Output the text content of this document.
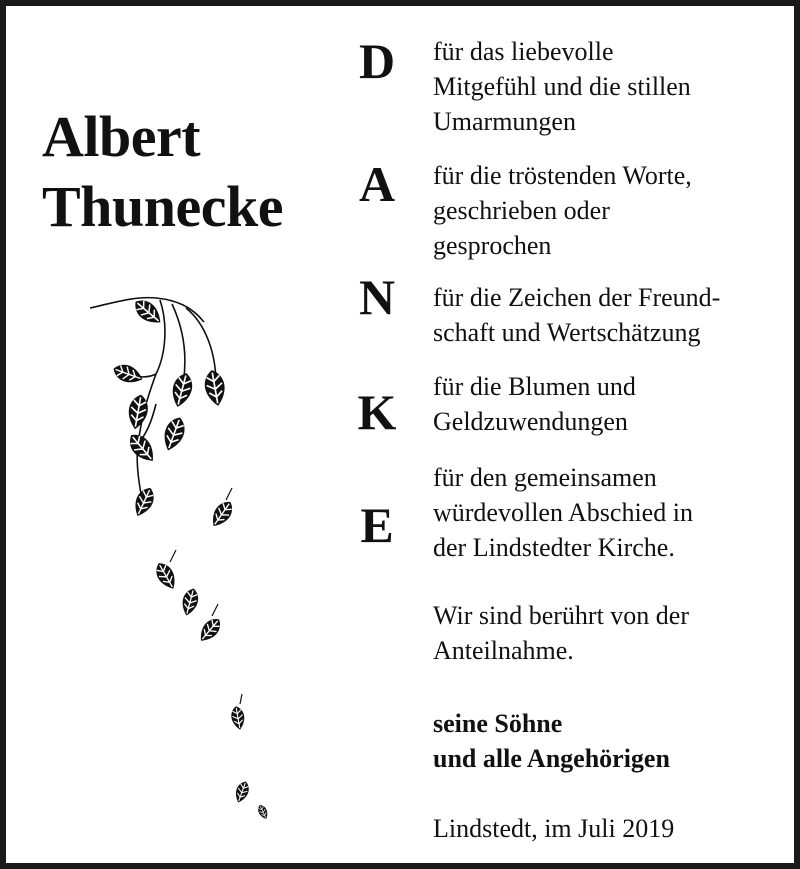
Albert
Thunecke
D
A
N
K
E
für das liebevolle
Mitgefühl und die stillen
Umarmungen
für die tröstenden Worte,
geschrieben oder
gesprochen
für die Zeichen der Freund-
schaft und Wertschätzung
für die Blumen und
Geldzuwendungen
für den gemeinsamen
würdevollen Abschied in
der Lindstedter Kirche.
Wir sind berührt von der
Anteilnahme.
seine Söhne
und alle Angehörigen
Lindstedt, im Juli 2019
